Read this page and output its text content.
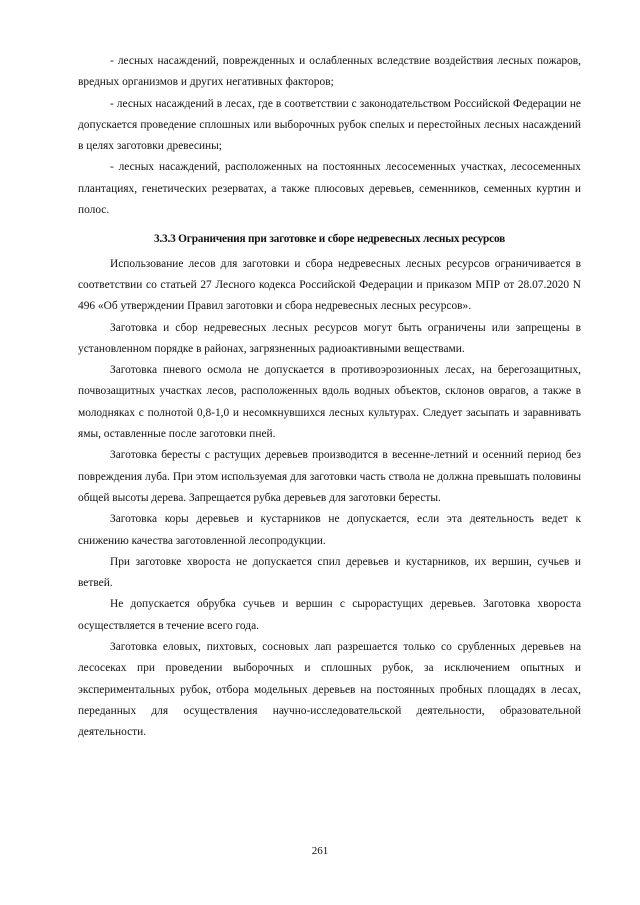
- лесных насаждений, поврежденных и ослабленных вследствие воздействия лесных пожаров, вредных организмов и других негативных факторов;

- лесных насаждений в лесах, где в соответствии с законодательством Российской Федерации не допускается проведение сплошных или выборочных рубок спелых и перестойных лесных насаждений в целях заготовки древесины;

- лесных насаждений, расположенных на постоянных лесосеменных участках, лесосеменных плантациях, генетических резерватах, а также плюсовых деревьев, семенников, семенных куртин и полос.

3.3.3 Ограничения при заготовке и сборе недревесных лесных ресурсов

Использование лесов для заготовки и сбора недревесных лесных ресурсов ограничивается в соответствии со статьей 27 Лесного кодекса Российской Федерации и приказом МПР от 28.07.2020 N 496 «Об утверждении Правил заготовки и сбора недревесных лесных ресурсов».

Заготовка и сбор недревесных лесных ресурсов могут быть ограничены или запрещены в установленном порядке в районах, загрязненных радиоактивными веществами.

Заготовка пневого осмола не допускается в противоэрозионных лесах, на берегозащитных, почвозащитных участках лесов, расположенных вдоль водных объектов, склонов оврагов, а также в молодняках с полнотой 0,8-1,0 и несомкнувшихся лесных культурах. Следует засыпать и заравнивать ямы, оставленные после заготовки пней.

Заготовка бересты с растущих деревьев производится в весенне-летний и осенний период без повреждения луба. При этом используемая для заготовки часть ствола не должна превышать половины общей высоты дерева. Запрещается рубка деревьев для заготовки бересты.

Заготовка коры деревьев и кустарников не допускается, если эта деятельность ведет к снижению качества заготовленной лесопродукции.

При заготовке хвороста не допускается спил деревьев и кустарников, их вершин, сучьев и ветвей.

Не допускается обрубка сучьев и вершин с сырорастущих деревьев. Заготовка хвороста осуществляется в течение всего года.

Заготовка еловых, пихтовых, сосновых лап разрешается только со срубленных деревьев на лесосеках при проведении выборочных и сплошных рубок, за исключением опытных и экспериментальных рубок, отбора модельных деревьев на постоянных пробных площадях в лесах, переданных для осуществления научно-исследовательской деятельности, образовательной деятельности.

261
